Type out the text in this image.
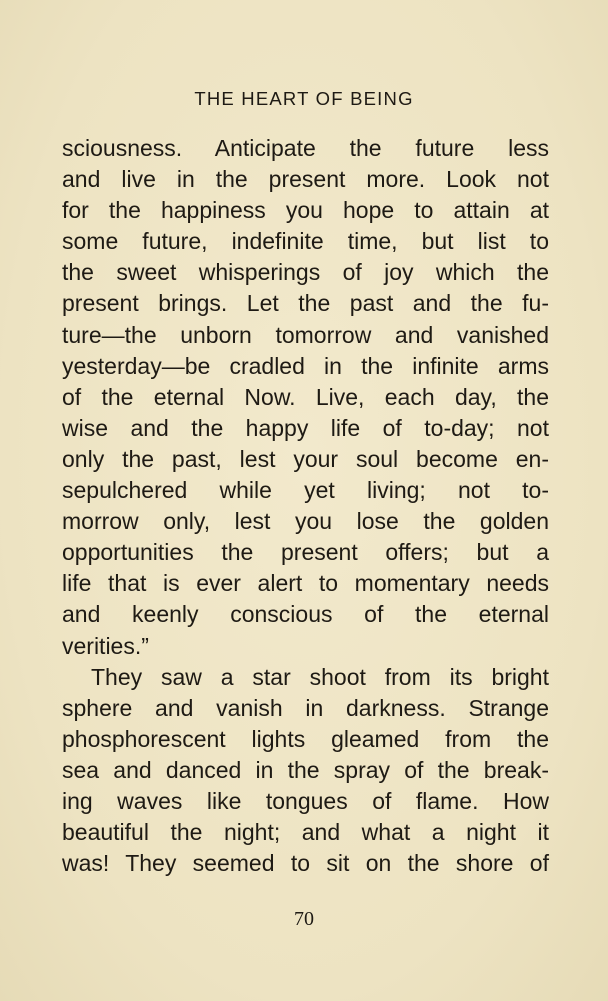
THE HEART OF BEING
sciousness. Anticipate the future less
and live in the present more. Look not
for the happiness you hope to attain at
some future, indefinite time, but list to
the sweet whisperings of joy which the
present brings. Let the past and the fu-
ture—the unborn tomorrow and vanished
yesterday—be cradled in the infinite arms
of the eternal Now. Live, each day, the
wise and the happy life of to-day; not
only the past, lest your soul become en-
sepulchered while yet living; not to-
morrow only, lest you lose the golden
opportunities the present offers; but a
life that is ever alert to momentary needs
and keenly conscious of the eternal
verities.”
They saw a star shoot from its bright
sphere and vanish in darkness. Strange
phosphorescent lights gleamed from the
sea and danced in the spray of the break-
ing waves like tongues of flame. How
beautiful the night; and what a night it
was! They seemed to sit on the shore of
70
